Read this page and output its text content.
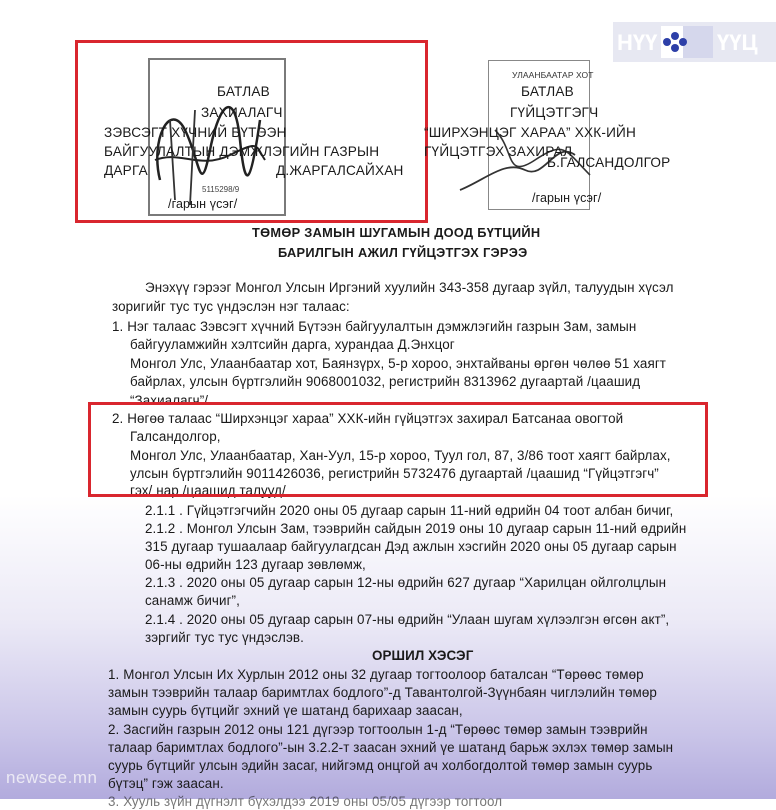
НҮҮ	ҮҮЦ
5115298/9
БАТЛАВ
ЗАХИАЛАГЧ
ЗЭВСЭГТ ХҮЧНИЙ БҮТЭЭН
БАЙГУУЛАЛТЫН ДЭМЖЛЭГИЙН ГАЗРЫН
ДАРГА	Д.ЖАРГАЛСАЙХАН
/гарын үсэг/
УЛААНБААТАР ХОТ
БАТЛАВ
ГҮЙЦЭТГЭГЧ
“ШИРХЭНЦЭГ ХАРАА” ХХК-ИЙН
ГҮЙЦЭТГЭХ ЗАХИРАЛ
Б.ГАЛСАНДОЛГОР
/гарын үсэг/
ТӨМӨР ЗАМЫН ШУГАМЫН ДООД БҮТЦИЙН
БАРИЛГЫН АЖИЛ ГҮЙЦЭТГЭХ ГЭРЭЭ
Энэхүү гэрээг Монгол Улсын Иргэний хуулийн 343-358 дугаар зүйл, талуудын хүсэл
зоригийг тус тус үндэслэн нэг талаас:
1. Нэг талаас Зэвсэгт хүчний Бүтээн байгуулалтын дэмжлэгийн газрын Зам, замын
байгууламжийн хэлтсийн дарга, хурандаа Д.Энхцог
Монгол Улс, Улаанбаатар хот, Баянзүрх, 5-р хороо, энхтайваны өргөн чөлөө 51 хаягт
байрлах, улсын бүртгэлийн 9068001032, регистрийн 8313962 дугаартай /цаашид
“Захиалагч”/
2. Нөгөө талаас “Ширхэнцэг хараа” ХХК-ийн гүйцэтгэх захирал Батсанаа овогтой
Галсандолгор,
Монгол Улс, Улаанбаатар, Хан-Уул, 15-р хороо, Туул гол, 87, 3/86 тоот хаягт байрлах,
улсын бүртгэлийн 9011426036, регистрийн 5732476 дугаартай /цаашид “Гүйцэтгэгч”
гэх/ нар /цаашид талууд/
2.1.1 . Гүйцэтгэгчийн 2020 оны 05 дугаар сарын 11-ний өдрийн 04 тоот албан бичиг,
2.1.2 . Монгол Улсын Зам, тээврийн сайдын 2019 оны 10 дугаар сарын 11-ний өдрийн
315 дугаар тушаалаар байгуулагдсан Дэд ажлын хэсгийн 2020 оны 05 дугаар сарын
06-ны өдрийн 123 дугаар зөвлөмж,
2.1.3 . 2020 оны 05 дугаар сарын 12-ны өдрийн 627 дугаар “Харилцан ойлголцлын
санамж бичиг”,
2.1.4 . 2020 оны 05 дугаар сарын 07-ны өдрийн “Улаан шугам хүлээлгэн өгсөн акт”,
зэргийг тус тус үндэслэв.
ОРШИЛ ХЭСЭГ
1. Монгол Улсын Их Хурлын 2012 оны 32 дугаар тогтоолоор баталсан “Төрөөс төмөр
замын тээврийн талаар баримтлах бодлого”-д Тавантолгой-Зүүнбаян чиглэлийн төмөр
замын суурь бүтцийг эхний үе шатанд барихаар заасан,
2. Засгийн газрын 2012 оны 121 дүгээр тогтоолын 1-д “Төрөөс төмөр замын тээврийн
талаар баримтлах бодлого”-ын 3.2.2-т заасан эхний үе шатанд барьж эхлэх төмөр замын
суурь бүтцийг улсын эдийн засаг, нийгэмд онцгой ач холбогдолтой төмөр замын суурь
бүтэц” гэж заасан.
3. Хууль зүйн дүгнэлт бүхэлдээ 2019 оны 05/05 дүгээр тогтоол
newsee.mn
